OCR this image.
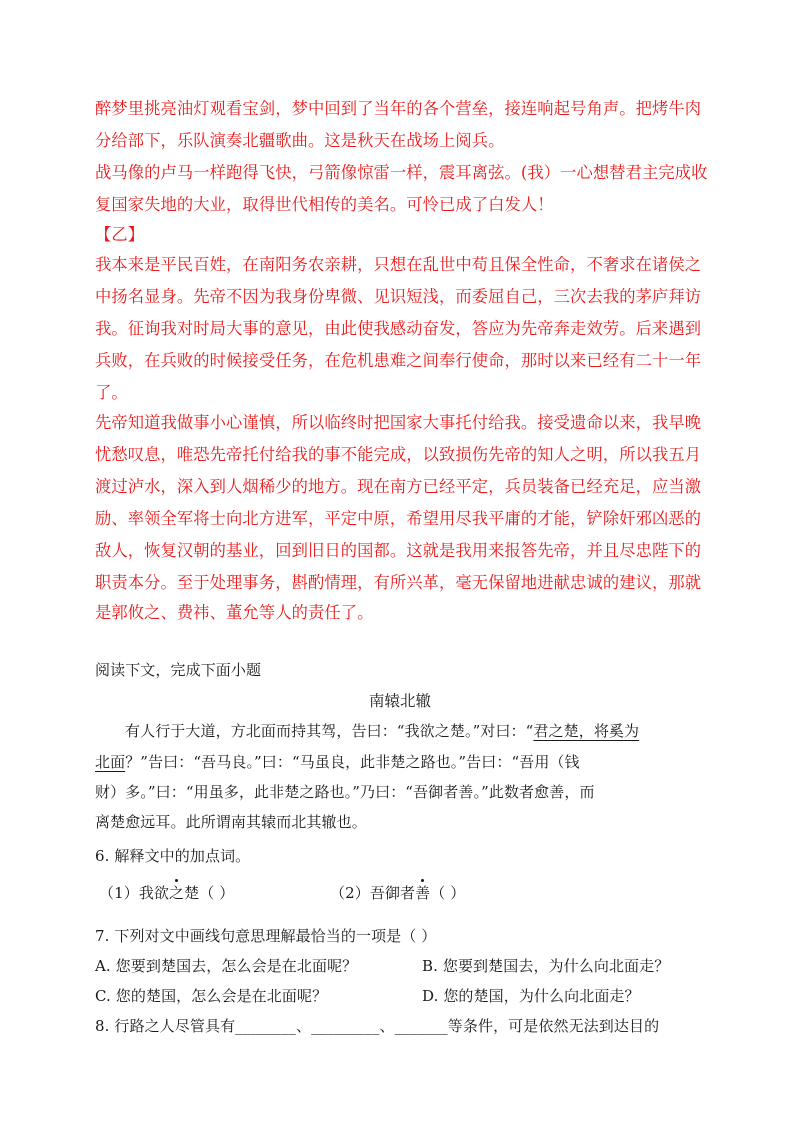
醉梦里挑亮油灯观看宝剑，梦中回到了当年的各个营垒，接连响起号角声。把烤牛肉
分给部下，乐队演奏北疆歌曲。这是秋天在战场上阅兵。
战马像的卢马一样跑得飞快，弓箭像惊雷一样，震耳离弦。(我）一心想替君主完成收
复国家失地的大业，取得世代相传的美名。可怜已成了白发人！
【乙】
我本来是平民百姓，在南阳务农亲耕，只想在乱世中苟且保全性命，不奢求在诸侯之
中扬名显身。先帝不因为我身份卑微、见识短浅，而委屈自己，三次去我的茅庐拜访
我。征询我对时局大事的意见，由此使我感动奋发，答应为先帝奔走效劳。后来遇到
兵败，在兵败的时候接受任务，在危机患难之间奉行使命，那时以来已经有二十一年
了。
先帝知道我做事小心谨慎，所以临终时把国家大事托付给我。接受遗命以来，我早晚
忧愁叹息，唯恐先帝托付给我的事不能完成，以致损伤先帝的知人之明，所以我五月
渡过泸水，深入到人烟稀少的地方。现在南方已经平定，兵员装备已经充足，应当激
励、率领全军将士向北方进军，平定中原，希望用尽我平庸的才能，铲除奸邪凶恶的
敌人，恢复汉朝的基业，回到旧日的国都。这就是我用来报答先帝，并且尽忠陛下的
职责本分。至于处理事务，斟酌情理，有所兴革，毫无保留地进献忠诚的建议，那就
是郭攸之、费祎、董允等人的责任了。
阅读下文，完成下面小题
南辕北辙
有人行于大道，方北面而持其驾，告曰：“我欲之楚。”对曰：“君之楚，将奚为
北面？”告曰：“吾马良。”曰：“马虽良，此非楚之路也。”告曰：“吾用（钱
财）多。”曰：“用虽多，此非楚之路也。”乃曰：“吾御者善。”此数者愈善，而
离楚愈远耳。此所谓南其辕而北其辙也。
6. 解释文中的加点词。
（1）我欲之楚（ ）	（2）吾御者善（ ）
7. 下列对文中画线句意思理解最恰当的一项是（ ）
A. 您要到楚国去，怎么会是在北面呢？	B. 您要到楚国去，为什么向北面走？
C. 您的楚国，怎么会是在北面呢？	D. 您的楚国，为什么向北面走？
8. 行路之人尽管具有________、_________、_______等条件，可是依然无法到达目的
